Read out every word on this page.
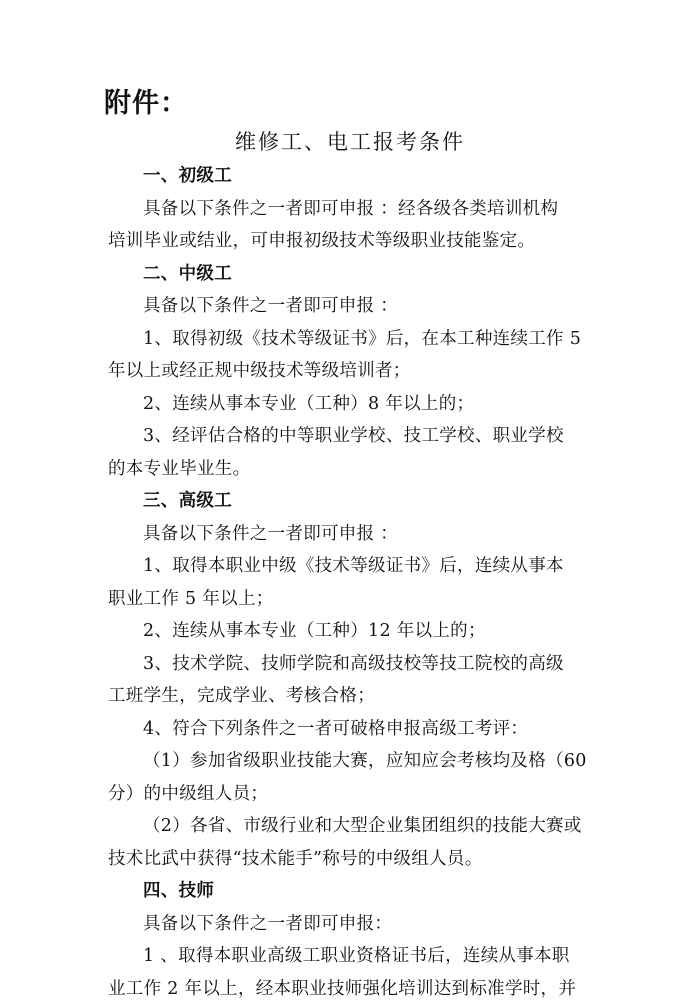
附件：
维修工、电工报考条件
一、初级工
具备以下条件之一者即可申报 ：经各级各类培训机构
培训毕业或结业，可申报初级技术等级职业技能鉴定。
二、中级工
具备以下条件之一者即可申报 ：
1、取得初级《技术等级证书》后，在本工种连续工作 5
年以上或经正规中级技术等级培训者；
2、连续从事本专业（工种）8 年以上的；
3、经评估合格的中等职业学校、技工学校、职业学校
的本专业毕业生。
三、高级工
具备以下条件之一者即可申报 ：
1、取得本职业中级《技术等级证书》后，连续从事本
职业工作 5 年以上；
2、连续从事本专业（工种）12 年以上的；
3、技术学院、技师学院和高级技校等技工院校的高级
工班学生，完成学业、考核合格；
4、符合下列条件之一者可破格申报高级工考评：
（1）参加省级职业技能大赛，应知应会考核均及格（60
分）的中级组人员；
（2）各省、市级行业和大型企业集团组织的技能大赛或
技术比武中获得“技术能手”称号的中级组人员。
四、技师
具备以下条件之一者即可申报：
1 、取得本职业高级工职业资格证书后，连续从事本职
业工作 2 年以上，经本职业技师强化培训达到标准学时，并
